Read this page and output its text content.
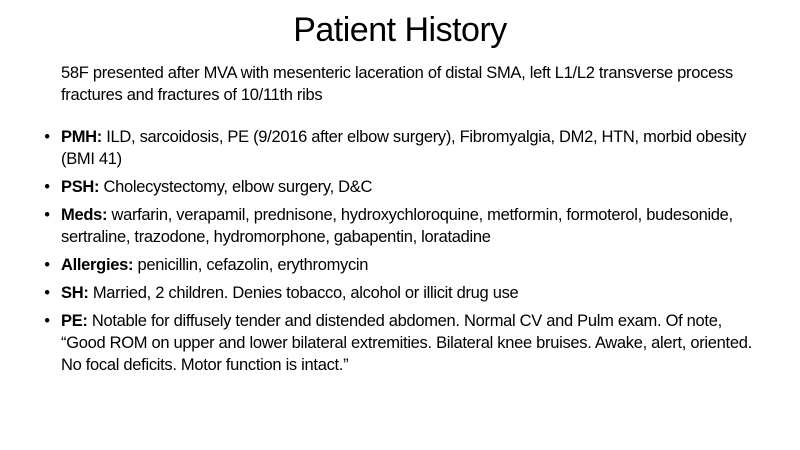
Patient History
58F presented after MVA with mesenteric laceration of distal SMA, left L1/L2 transverse process fractures and fractures of 10/11th ribs
• PMH: ILD, sarcoidosis, PE (9/2016 after elbow surgery), Fibromyalgia, DM2, HTN, morbid obesity (BMI 41)
• PSH: Cholecystectomy, elbow surgery, D&C
• Meds: warfarin, verapamil, prednisone, hydroxychloroquine, metformin, formoterol, budesonide, sertraline, trazodone, hydromorphone, gabapentin, loratadine
• Allergies: penicillin, cefazolin, erythromycin
• SH: Married, 2 children. Denies tobacco, alcohol or illicit drug use
• PE: Notable for diffusely tender and distended abdomen. Normal CV and Pulm exam. Of note, “Good ROM on upper and lower bilateral extremities. Bilateral knee bruises. Awake, alert, oriented. No focal deficits. Motor function is intact.”
